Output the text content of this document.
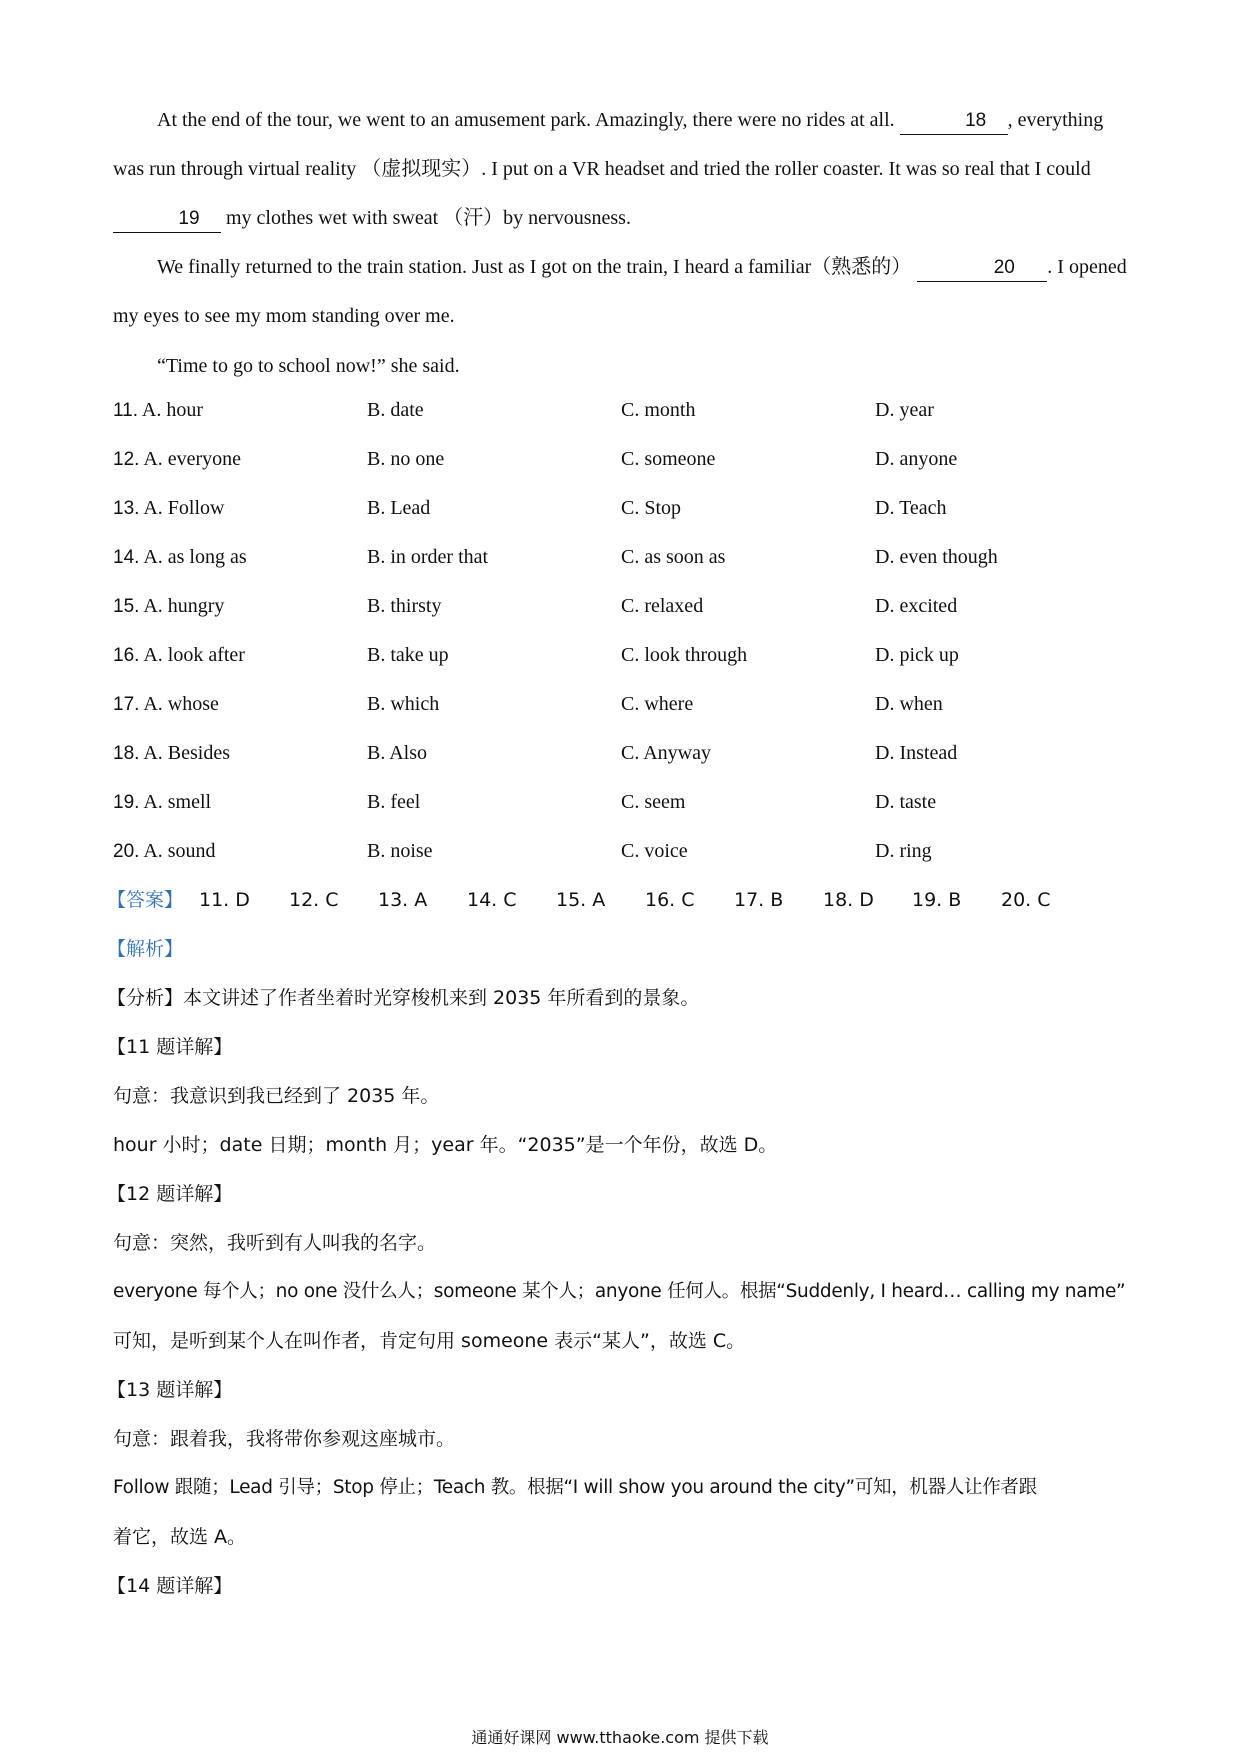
At the end of the tour, we went to an amusement park. Amazingly, there were no rides at all.	18 , everything was run through virtual reality （虚拟现实）. I put on a VR headset and tried the roller coaster. It was so real that I could 19 my clothes wet with sweat （汗）by nervousness.

We finally returned to the train station. Just as I got on the train, I heard a familiar（熟悉的）	20 . I opened my eyes to see my mom standing over me.

“Time to go to school now!” she said.

11. A. hour	B. date	C. month	D. year
12. A. everyone	B. no one	C. someone	D. anyone
13. A. Follow	B. Lead	C. Stop	D. Teach
14. A. as long as	B. in order that	C. as soon as	D. even though
15. A. hungry	B. thirsty	C. relaxed	D. excited
16. A. look after	B. take up	C. look through	D. pick up
17. A. whose	B. which	C. where	D. when
18. A. Besides	B. Also	C. Anyway	D. Instead
19. A. smell	B. feel	C. seem	D. taste
20. A. sound	B. noise	C. voice	D. ring
【答案】 11. D 12. C 13. A 14. C 15. A 16. C 17. B 18. D 19. B 20. C
【解析】
【分析】本文讲述了作者坐着时光穿梭机来到 2035 年所看到的景象。
【11 题详解】
句意：我意识到我已经到了 2035 年。
hour 小时；date 日期；month 月；year 年。“2035”是一个年份，故选 D。
【12 题详解】
句意：突然，我听到有人叫我的名字。
everyone 每个人；no one 没什么人；someone 某个人；anyone 任何人。根据“Suddenly, I heard… calling my name”
可知，是听到某个人在叫作者，肯定句用 someone 表示“某人”，故选 C。
【13 题详解】
句意：跟着我，我将带你参观这座城市。
Follow 跟随；Lead 引导；Stop 停止；Teach 教。根据“I will show you around the city”可知，机器人让作者跟
着它，故选 A。
【14 题详解】
通通好课网 www.tthaoke.com 提供下载
